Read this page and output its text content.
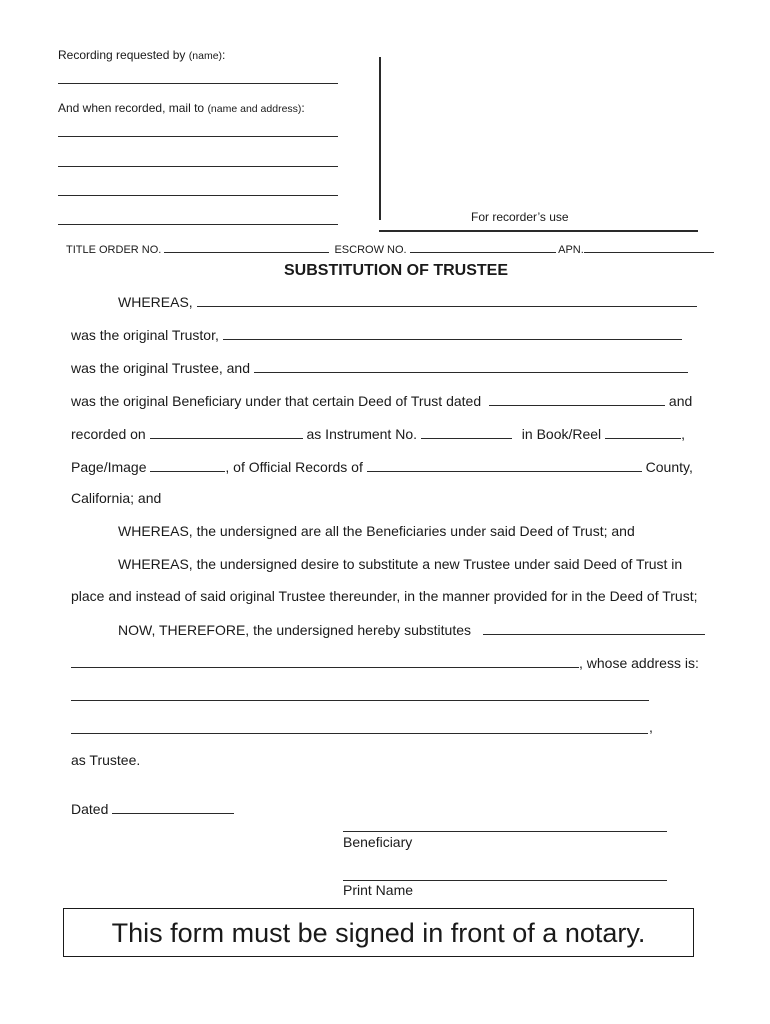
Recording requested by (name):
And when recorded, mail to (name and address):
For recorder’s use
TITLE ORDER NO.	ESCROW NO.	APN.
SUBSTITUTION OF TRUSTEE
WHEREAS,
was the original Trustor,
was the original Trustee, and
was the original Beneficiary under that certain Deed of Trust dated	and
recorded on	as Instrument No.	in Book/Reel	,
Page/Image	, of Official Records of	County,
California; and
WHEREAS, the undersigned are all the Beneficiaries under said Deed of Trust; and
WHEREAS, the undersigned desire to substitute a new Trustee under said Deed of Trust in
place and instead of said original Trustee thereunder, in the manner provided for in the Deed of Trust;
NOW, THEREFORE, the undersigned hereby substitutes
, whose address is:
,
as Trustee.
Dated
Beneficiary
Print Name
This form must be signed in front of a notary.
